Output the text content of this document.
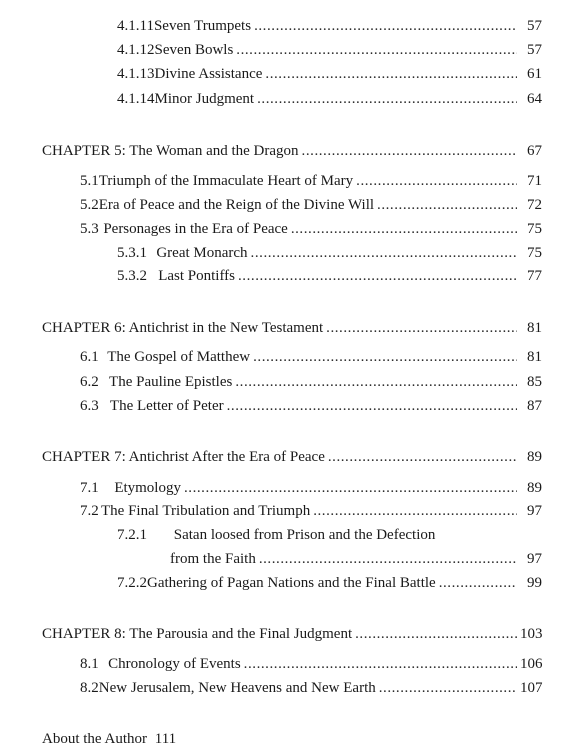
4.1.11 Seven Trumpets . . .	57
4.1.12 Seven Bowls . . .	57
4.1.13 Divine Assistance . . .	61
4.1.14 Minor Judgment . . .	64
CHAPTER 5: The Woman and the Dragon . . .	67
5.1 Triumph of the Immaculate Heart of Mary . . .	71
5.2 Era of Peace and the Reign of the Divine Will . . .	72
5.3 Personages in the Era of Peace . . .	75
5.3.1 Great Monarch . . .	75
5.3.2 Last Pontiffs . . .	77
CHAPTER 6: Antichrist in the New Testament . . .	81
6.1 The Gospel of Matthew . . .	81
6.2 The Pauline Epistles . . .	85
6.3 The Letter of Peter . . .	87
CHAPTER 7: Antichrist After the Era of Peace . . .	89
7.1	Etymology . . .	89
7.2 The Final Tribulation and Triumph . . .	97
7.2.1 Satan loosed from Prison and the Defection
from the Faith . . .	97
7.2.2 Gathering of Pagan Nations and the Final Battle . . .	99
CHAPTER 8: The Parousia and the Final Judgment . . .	103
8.1 Chronology of Events . . .	106
8.2 New Jerusalem, New Heavens and New Earth . . .	107
About the Author 111
